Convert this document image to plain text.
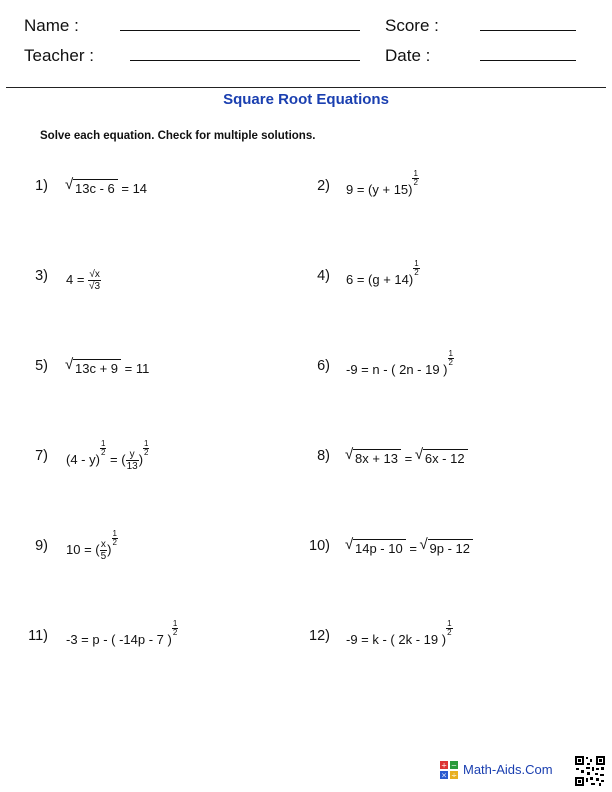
Name :	Score :
Teacher :	Date :
Square Root Equations
Solve each equation. Check for multiple solutions.
1) √ 13c - 6 = 14	2) 9 = (y + 15)
$\frac{1}{2}$
3) $4 = \frac{√x}{√3}$	4) 6 = (g + 14)
$\frac{1}{2}$
5) √ 13c + 9 = 11	6) -9 = n - ( 2n - 19 )
$\frac{1}{2}$
7) (4 - y)
$\frac{1}{2}$
= ( $\frac{y}{13}$ )
$\frac{1}{2}$	8) √ 8x + 13 = √ 6x - 12
9) 10 = ( $\frac{x}{5}$ )
$\frac{1}{2}$	10) √ 14p - 10 = √ 9p - 12
11) -3 = p - ( -14p - 7 )
$\frac{1}{2}$	12) -9 = k - ( 2k - 19 )
$\frac{1}{2}$
+ −
× ÷ Math-Aids.Com
